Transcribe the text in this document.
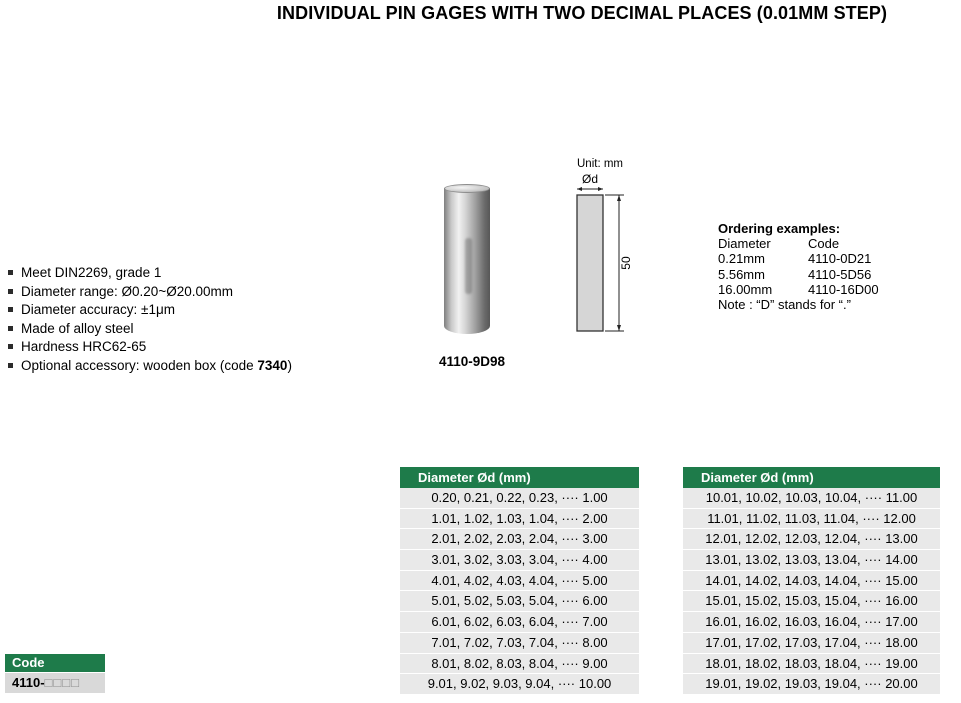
INDIVIDUAL PIN GAGES WITH TWO DECIMAL PLACES (0.01MM STEP)
Meet DIN2269, grade 1
Diameter range: Ø0.20~Ø20.00mm
Diameter accuracy: ±1μm
Made of alloy steel
Hardness HRC62-65
Optional accessory: wooden box (code 7340)	4110-9D98
Unit: mm
Ød
50
Ordering examples:
Diameter	Code
0.21mm	4110-0D21
5.56mm	4110-5D56
16.00mm	4110-16D00
Note : “D” stands for “.”
Code
4110-□□□□
Diameter Ød (mm)
0.20, 0.21, 0.22, 0.23, ···· 1.00
1.01, 1.02, 1.03, 1.04, ···· 2.00
2.01, 2.02, 2.03, 2.04, ···· 3.00
3.01, 3.02, 3.03, 3.04, ···· 4.00
4.01, 4.02, 4.03, 4.04, ···· 5.00
5.01, 5.02, 5.03, 5.04, ···· 6.00
6.01, 6.02, 6.03, 6.04, ···· 7.00
7.01, 7.02, 7.03, 7.04, ···· 8.00
8.01, 8.02, 8.03, 8.04, ···· 9.00
9.01, 9.02, 9.03, 9.04, ···· 10.00
Diameter Ød (mm)
10.01, 10.02, 10.03, 10.04, ···· 11.00
11.01, 11.02, 11.03, 11.04, ···· 12.00
12.01, 12.02, 12.03, 12.04, ···· 13.00
13.01, 13.02, 13.03, 13.04, ···· 14.00
14.01, 14.02, 14.03, 14.04, ···· 15.00
15.01, 15.02, 15.03, 15.04, ···· 16.00
16.01, 16.02, 16.03, 16.04, ···· 17.00
17.01, 17.02, 17.03, 17.04, ···· 18.00
18.01, 18.02, 18.03, 18.04, ···· 19.00
19.01, 19.02, 19.03, 19.04, ···· 20.00
